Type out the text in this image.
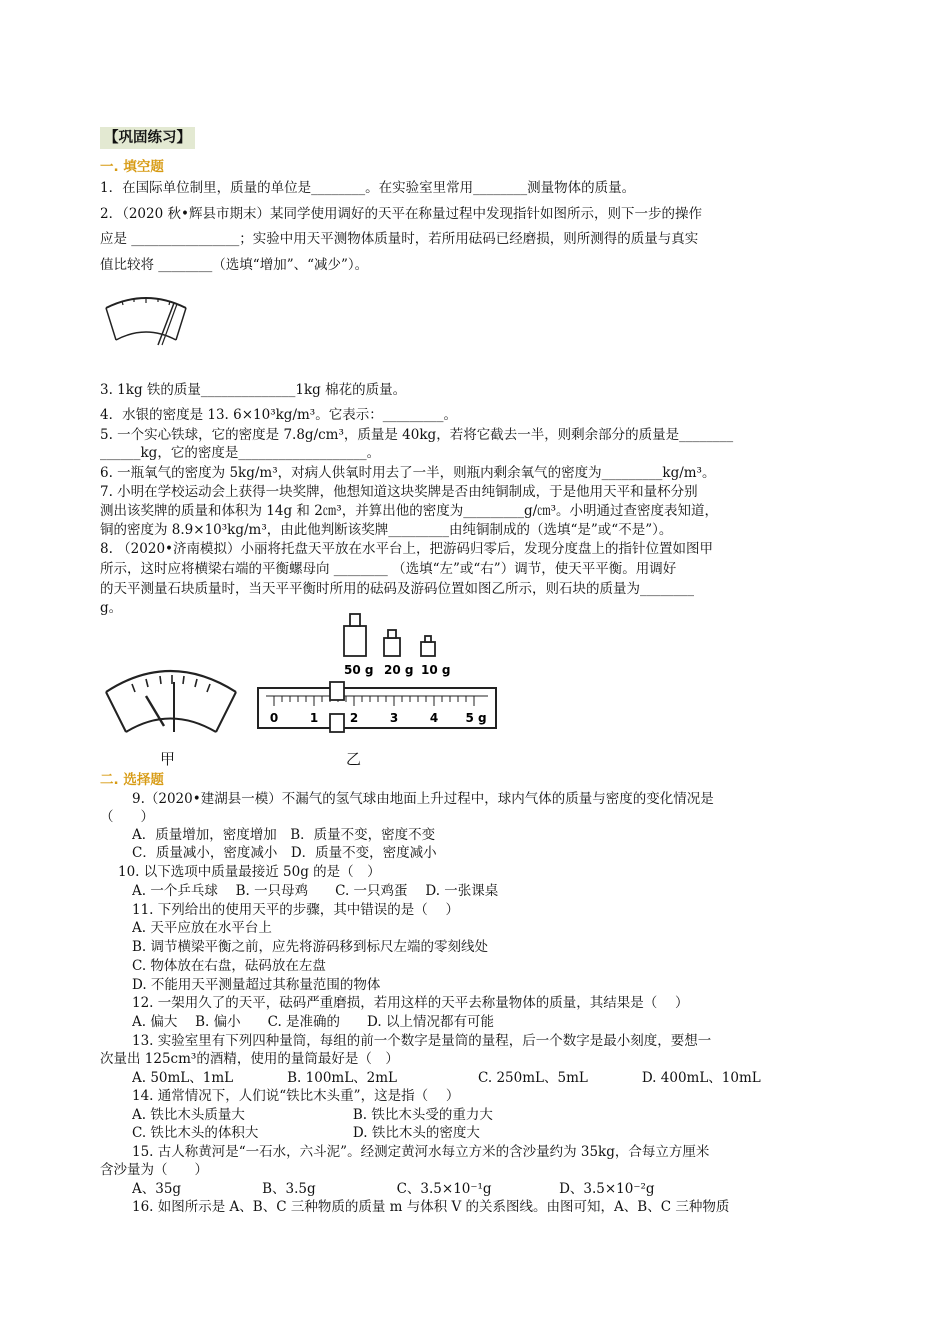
【巩固练习】
一. 填空题
1．在国际单位制里，质量的单位是________。在实验室里常用________测量物体的质量。
2．（2020 秋•辉县市期末）某同学使用调好的天平在称量过程中发现指针如图所示，则下一步的操作
应是 ________________；实验中用天平测物体质量时，若所用砝码已经磨损，则所测得的质量与真实
值比较将 ________（选填“增加”、“减少”）。
3. 1kg 铁的质量______________1kg 棉花的质量。
4．水银的密度是 13. 6×10³kg/m³。它表示：_________。
5. 一个实心铁球，它的密度是 7.8g/cm³，质量是 40kg，若将它截去一半，则剩余部分的质量是________
______kg，它的密度是___________________。
6. 一瓶氧气的密度为 5kg/m³，对病人供氧时用去了一半，则瓶内剩余氧气的密度为_________kg/m³。
7. 小明在学校运动会上获得一块奖牌，他想知道这块奖牌是否由纯铜制成，于是他用天平和量杯分别
测出该奖牌的质量和体积为 14g 和 2㎝³，并算出他的密度为_________g/㎝³。小明通过查密度表知道，
铜的密度为 8.9×10³kg/m³，由此他判断该奖牌_________由纯铜制成的（选填“是”或“不是”）。
8. （2020•济南模拟）小丽将托盘天平放在水平台上，把游码归零后，发现分度盘上的指针位置如图甲
所示，这时应将横梁右端的平衡螺母向 ________ （选填“左”或“右”）调节，使天平平衡。用调好
的天平测量石块质量时，当天平平衡时所用的砝码及游码位置如图乙所示，则石块的质量为________
g。
甲
50 g 20 g 10 g
0	1	2	3	4 5 g
乙
二. 选择题
9.（2020•建湖县一模）不漏气的氢气球由地面上升过程中，球内气体的质量与密度的变化情况是
（　　）
A．质量增加，密度增加　B．质量不变，密度不变
C．质量减小，密度减小　D．质量不变，密度减小
10. 以下选项中质量最接近 50g 的是（　）
A. 一个乒乓球　 B. 一只母鸡　　C. 一只鸡蛋　 D. 一张课桌
11. 下列给出的使用天平的步骤，其中错误的是（　 ）
A. 天平应放在水平台上
B. 调节横梁平衡之前，应先将游码移到标尺左端的零刻线处
C. 物体放在右盘，砝码放在左盘
D. 不能用天平测量超过其称量范围的物体
12. 一架用久了的天平，砝码严重磨损，若用这样的天平去称量物体的质量，其结果是（　 ）
A. 偏大　 B. 偏小　　C. 是准确的　　D. 以上情况都有可能
13. 实验室里有下列四种量筒，每组的前一个数字是量筒的量程，后一个数字是最小刻度，要想一
次量出 125cm³的酒精，使用的量筒最好是（　）
A. 50mL、1mL　　　　B. 100mL、2mL　　　　　　C. 250mL、5mL　　　　D. 400mL、10mL
14. 通常情况下，人们说“铁比木头重”，这是指（　 ）
A. 铁比木头质量大　　　　　　　　B. 铁比木头受的重力大
C. 铁比木头的体积大　　　　　　　D. 铁比木头的密度大
15. 古人称黄河是“一石水，六斗泥”。经测定黄河水每立方米的含沙量约为 35kg，合每立方厘米
含沙量为（　　）
A、35g　　　　　　B、3.5g　　　　　　C、3.5×10⁻¹g　　　　　D、3.5×10⁻²g
16. 如图所示是 A、B、C 三种物质的质量 m 与体积 V 的关系图线。由图可知，A、B、C 三种物质
